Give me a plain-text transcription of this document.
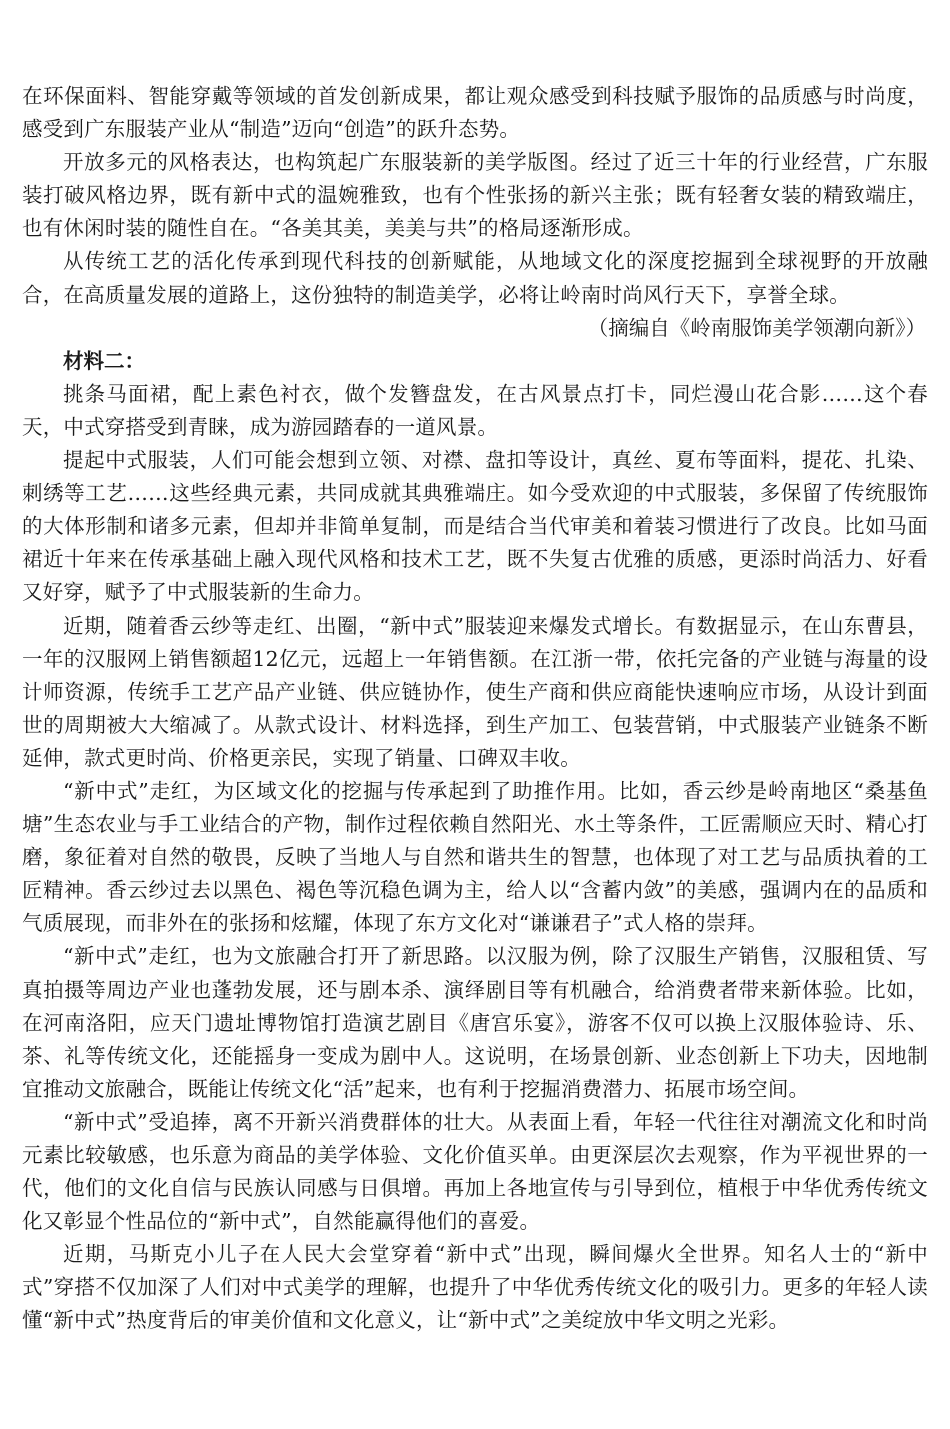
在环保面料、智能穿戴等领域的首发创新成果，都让观众感受到科技赋予服饰的品质感与时尚度，感受到广东服装产业从“制造”迈向“创造”的跃升态势。

开放多元的风格表达，也构筑起广东服装新的美学版图。经过了近三十年的行业经营，广东服装打破风格边界，既有新中式的温婉雅致，也有个性张扬的新兴主张；既有轻奢女装的精致端庄，也有休闲时装的随性自在。“各美其美，美美与共”的格局逐渐形成。

从传统工艺的活化传承到现代科技的创新赋能，从地域文化的深度挖掘到全球视野的开放融合，在高质量发展的道路上，这份独特的制造美学，必将让岭南时尚风行天下，享誉全球。

（摘编自《岭南服饰美学领潮向新》）

材料二：

挑条马面裙，配上素色衬衣，做个发簪盘发，在古风景点打卡，同烂漫山花合影……这个春天，中式穿搭受到青睐，成为游园踏春的一道风景。

提起中式服装，人们可能会想到立领、对襟、盘扣等设计，真丝、夏布等面料，提花、扎染、刺绣等工艺……这些经典元素，共同成就其典雅端庄。如今受欢迎的中式服装，多保留了传统服饰的大体形制和诸多元素，但却并非简单复制，而是结合当代审美和着装习惯进行了改良。比如马面裙近十年来在传承基础上融入现代风格和技术工艺，既不失复古优雅的质感，更添时尚活力、好看又好穿，赋予了中式服装新的生命力。

近期，随着香云纱等走红、出圈，“新中式”服装迎来爆发式增长。有数据显示，在山东曹县，一年的汉服网上销售额超12亿元，远超上一年销售额。在江浙一带，依托完备的产业链与海量的设计师资源，传统手工艺产品产业链、供应链协作，使生产商和供应商能快速响应市场，从设计到面世的周期被大大缩减了。从款式设计、材料选择，到生产加工、包装营销，中式服装产业链条不断延伸，款式更时尚、价格更亲民，实现了销量、口碑双丰收。

“新中式”走红，为区域文化的挖掘与传承起到了助推作用。比如，香云纱是岭南地区“桑基鱼塘”生态农业与手工业结合的产物，制作过程依赖自然阳光、水土等条件，工匠需顺应天时、精心打磨，象征着对自然的敬畏，反映了当地人与自然和谐共生的智慧，也体现了对工艺与品质执着的工匠精神。香云纱过去以黑色、褐色等沉稳色调为主，给人以“含蓄内敛”的美感，强调内在的品质和气质展现，而非外在的张扬和炫耀，体现了东方文化对“谦谦君子”式人格的崇拜。

“新中式”走红，也为文旅融合打开了新思路。以汉服为例，除了汉服生产销售，汉服租赁、写真拍摄等周边产业也蓬勃发展，还与剧本杀、演绎剧目等有机融合，给消费者带来新体验。比如，在河南洛阳，应天门遗址博物馆打造演艺剧目《唐宫乐宴》，游客不仅可以换上汉服体验诗、乐、茶、礼等传统文化，还能摇身一变成为剧中人。这说明，在场景创新、业态创新上下功夫，因地制宜推动文旅融合，既能让传统文化“活”起来，也有利于挖掘消费潜力、拓展市场空间。

“新中式”受追捧，离不开新兴消费群体的壮大。从表面上看，年轻一代往往对潮流文化和时尚元素比较敏感，也乐意为商品的美学体验、文化价值买单。由更深层次去观察，作为平视世界的一代，他们的文化自信与民族认同感与日俱增。再加上各地宣传与引导到位，植根于中华优秀传统文化又彰显个性品位的“新中式”，自然能赢得他们的喜爱。

近期，马斯克小儿子在人民大会堂穿着“新中式”出现，瞬间爆火全世界。知名人士的“新中式”穿搭不仅加深了人们对中式美学的理解，也提升了中华优秀传统文化的吸引力。更多的年轻人读懂“新中式”热度背后的审美价值和文化意义，让“新中式”之美绽放中华文明之光彩。
